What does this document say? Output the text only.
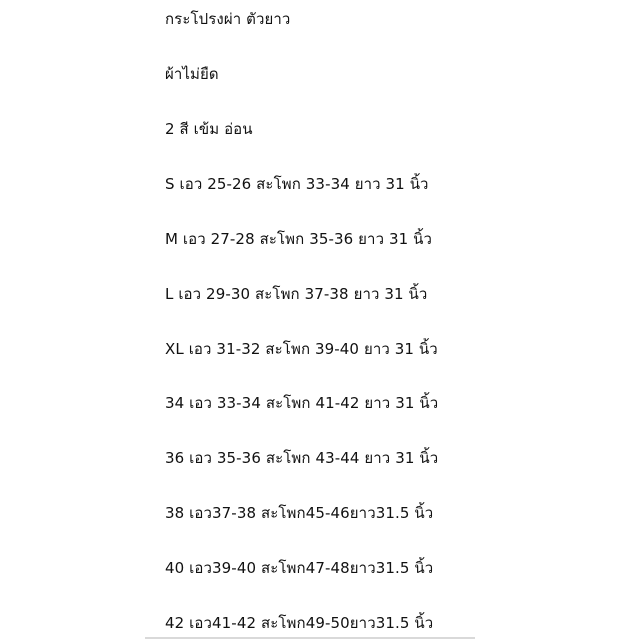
กระโปรงผ่า ตัวยาว

ผ้าไม่ยืด

2 สี เข้ม อ่อน

S เอว 25-26 สะโพก 33-34 ยาว 31 นิ้ว

M เอว 27-28 สะโพก 35-36 ยาว 31 นิ้ว

L เอว 29-30 สะโพก 37-38 ยาว 31 นิ้ว

XL เอว 31-32 สะโพก 39-40 ยาว 31 นิ้ว

34 เอว 33-34 สะโพก 41-42 ยาว 31 นิ้ว

36 เอว 35-36 สะโพก 43-44 ยาว 31 นิ้ว

38 เอว37-38 สะโพก45-46ยาว31.5 นิ้ว

40 เอว39-40 สะโพก47-48ยาว31.5 นิ้ว

42 เอว41-42 สะโพก49-50ยาว31.5 นิ้ว
